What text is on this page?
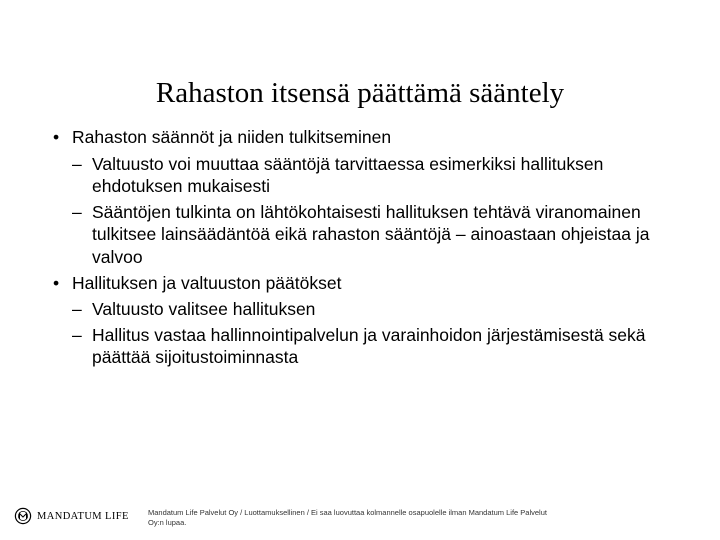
Rahaston itsensä päättämä sääntely
• Rahaston säännöt ja niiden tulkitseminen
– Valtuusto voi muuttaa sääntöjä tarvittaessa esimerkiksi hallituksen ehdotuksen mukaisesti
– Sääntöjen tulkinta on lähtökohtaisesti hallituksen tehtävä viranomainen tulkitsee lainsäädäntöä eikä rahaston sääntöjä – ainoastaan ohjeistaa ja valvoo
• Hallituksen ja valtuuston päätökset
– Valtuusto valitsee hallituksen
– Hallitus vastaa hallinnointipalvelun ja varainhoidon järjestämisestä sekä päättää sijoitustoiminnasta
MANDATUM LIFE	Mandatum Life Palvelut Oy / Luottamuksellinen / Ei saa luovuttaa kolmannelle osapuolelle ilman Mandatum Life Palvelut Oy:n lupaa.
